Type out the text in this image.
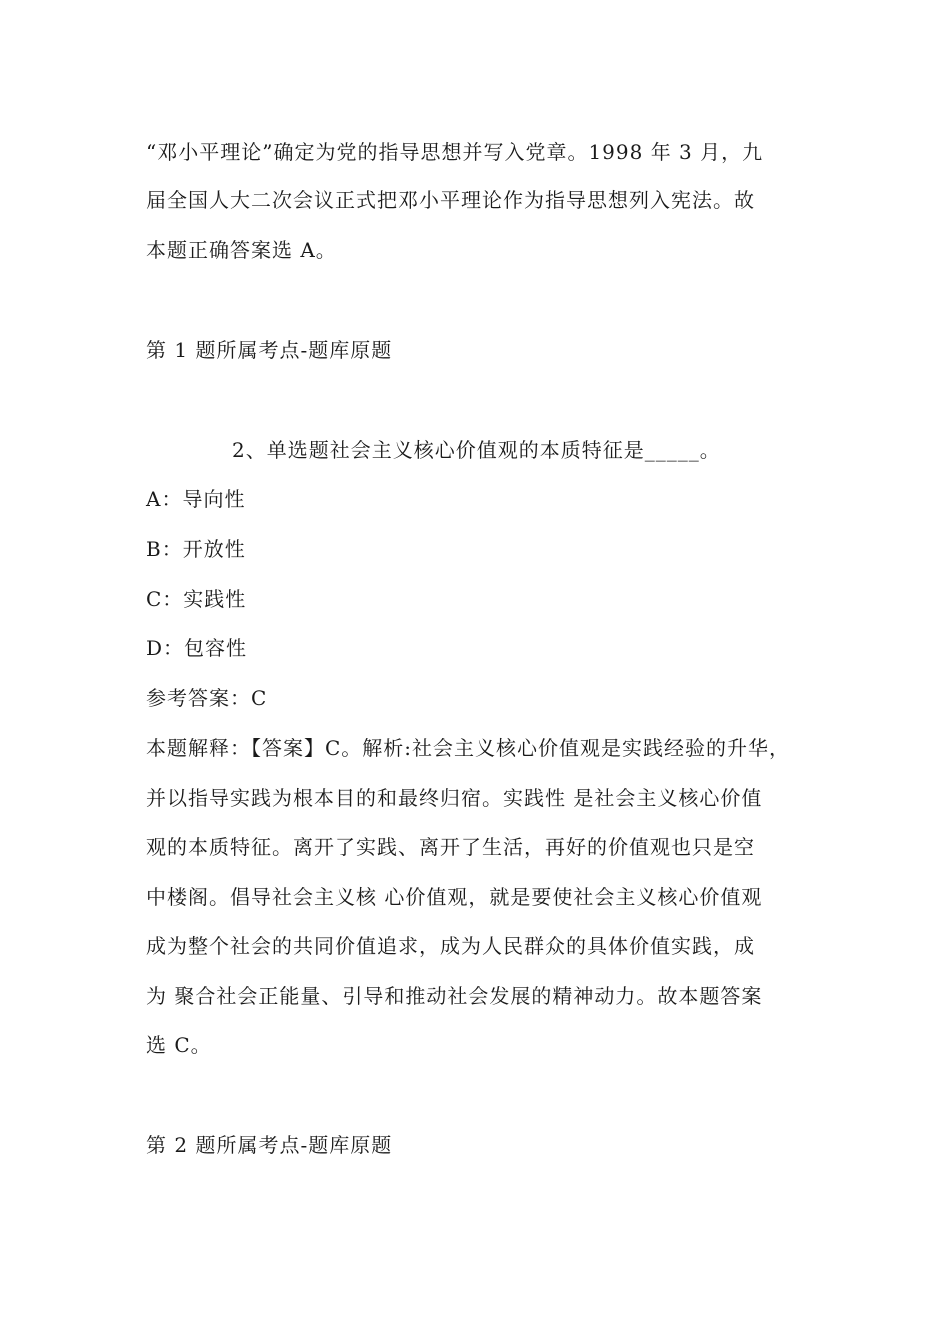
“邓小平理论”确定为党的指导思想并写入党章。1998 年 3 月，九
届全国人大二次会议正式把邓小平理论作为指导思想列入宪法。故
本题正确答案选 A。
第 1 题所属考点-题库原题
2、单选题社会主义核心价值观的本质特征是_____。
A：导向性
B：开放性
C：实践性
D：包容性
参考答案：C
本题解释：【答案】C。解析:社会主义核心价值观是实践经验的升华，
并以指导实践为根本目的和最终归宿。实践性 是社会主义核心价值
观的本质特征。离开了实践、离开了生活，再好的价值观也只是空
中楼阁。倡导社会主义核 心价值观，就是要使社会主义核心价值观
成为整个社会的共同价值追求，成为人民群众的具体价值实践，成
为 聚合社会正能量、引导和推动社会发展的精神动力。故本题答案
选 C。
第 2 题所属考点-题库原题
